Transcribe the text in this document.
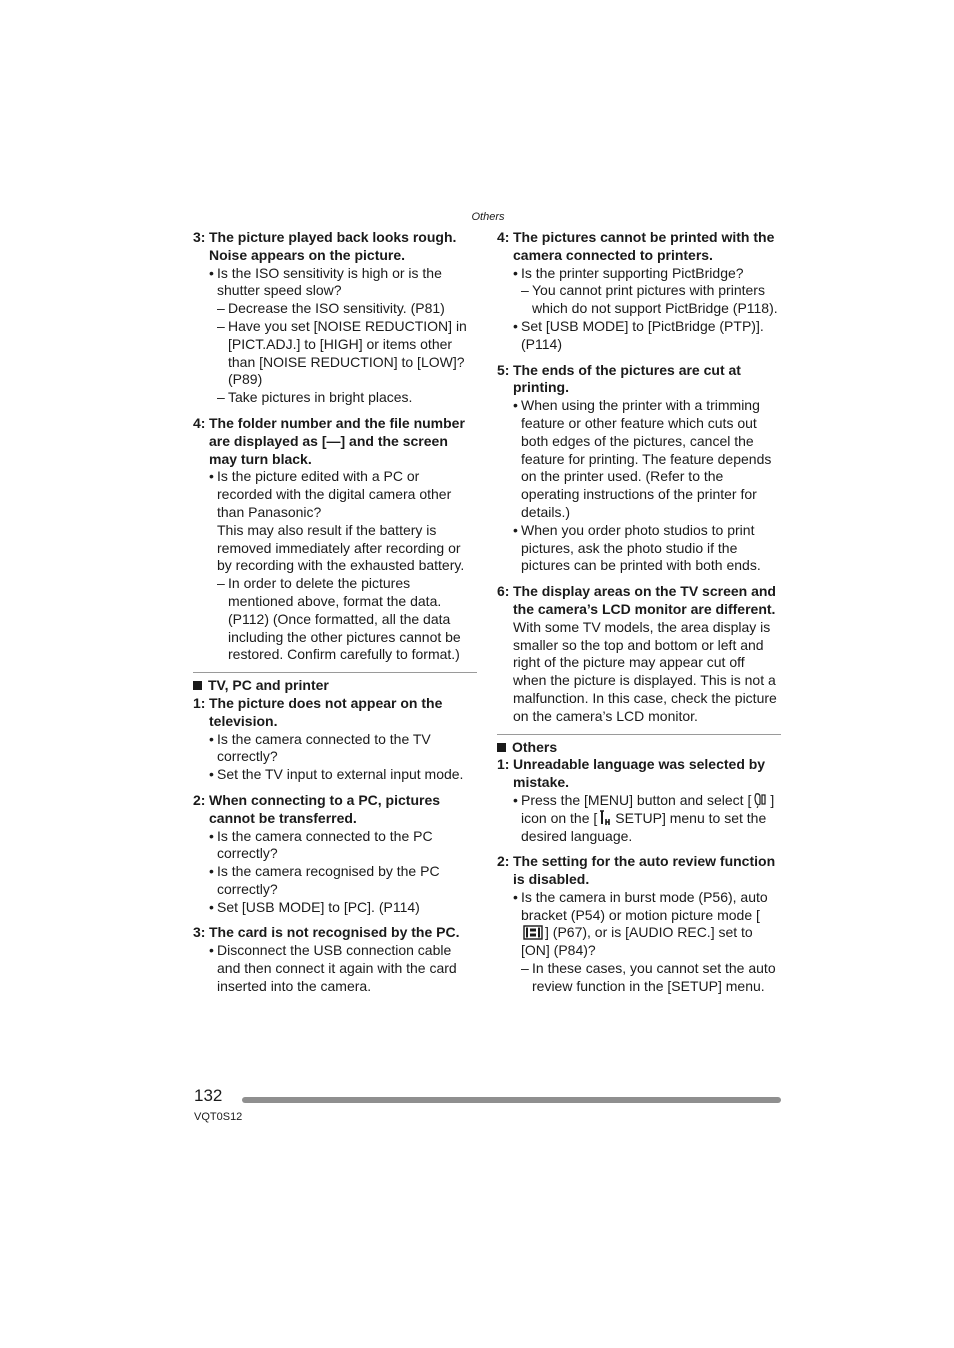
Others
3: The picture played back looks rough. Noise appears on the picture.
• Is the ISO sensitivity is high or is the shutter speed slow?
– Decrease the ISO sensitivity. (P81)
– Have you set [NOISE REDUCTION] in [PICT.ADJ.] to [HIGH] or items other than [NOISE REDUCTION] to [LOW]? (P89)
– Take pictures in bright places.
4: The folder number and the file number are displayed as [—] and the screen may turn black.
• Is the picture edited with a PC or recorded with the digital camera other than Panasonic?
This may also result if the battery is removed immediately after recording or by recording with the exhausted battery.
– In order to delete the pictures mentioned above, format the data. (P112) (Once formatted, all the data including the other pictures cannot be restored. Confirm carefully to format.)
TV, PC and printer
1: The picture does not appear on the television.
• Is the camera connected to the TV correctly?
• Set the TV input to external input mode.
2: When connecting to a PC, pictures cannot be transferred.
• Is the camera connected to the PC correctly?
• Is the camera recognised by the PC correctly?
• Set [USB MODE] to [PC]. (P114)
3: The card is not recognised by the PC.
• Disconnect the USB connection cable and then connect it again with the card inserted into the camera.
4: The pictures cannot be printed with the camera connected to printers.
• Is the printer supporting PictBridge?
– You cannot print pictures with printers which do not support PictBridge (P118).
• Set [USB MODE] to [PictBridge (PTP)]. (P114)
5: The ends of the pictures are cut at printing.
• When using the printer with a trimming feature or other feature which cuts out both edges of the pictures, cancel the feature for printing. The feature depends on the printer used. (Refer to the operating instructions of the printer for details.)
• When you order photo studios to print pictures, ask the photo studio if the pictures can be printed with both ends.
6: The display areas on the TV screen and the camera’s LCD monitor are different.
With some TV models, the area display is smaller so the top and bottom or left and right of the picture may appear cut off when the picture is displayed. This is not a malfunction. In this case, check the picture on the camera’s LCD monitor.
Others
1: Unreadable language was selected by mistake.
• Press the [MENU] button and select [ ] icon on the [ SETUP] menu to set the desired language.
2: The setting for the auto review function is disabled.
• Is the camera in burst mode (P56), auto bracket (P54) or motion picture mode [] (P67), or is [AUDIO REC.] set to [ON] (P84)?
– In these cases, you cannot set the auto review function in the [SETUP] menu.
132
VQT0S12
